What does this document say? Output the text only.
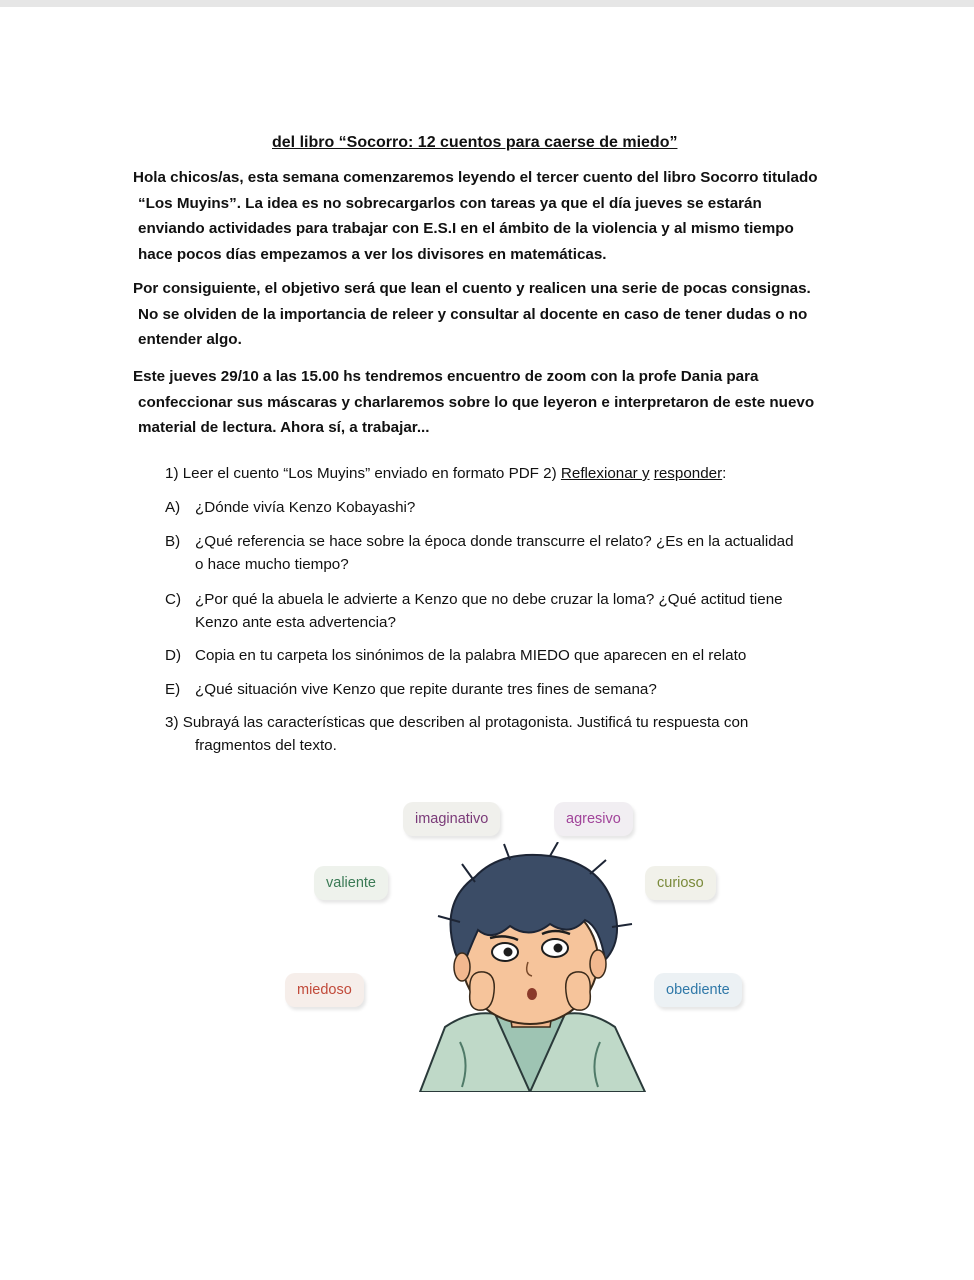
del libro “Socorro: 12 cuentos para caerse de miedo”
Hola chicos/as, esta semana comenzaremos leyendo el tercer cuento del libro Socorro titulado
“Los Muyins”. La idea es no sobrecargarlos con tareas ya que el día jueves se estarán
enviando actividades para trabajar con E.S.I en el ámbito de la violencia y al mismo tiempo
hace pocos días empezamos a ver los divisores en matemáticas.
Por consiguiente, el objetivo será que lean el cuento y realicen una serie de pocas consignas.
No se olviden de la importancia de releer y consultar al docente en caso de tener dudas o no
entender algo.
Este jueves 29/10 a las 15.00 hs tendremos encuentro de zoom con la profe Dania para
confeccionar sus máscaras y charlaremos sobre lo que leyeron e interpretaron de este nuevo
material de lectura. Ahora sí, a trabajar...
1) Leer el cuento “Los Muyins” enviado en formato PDF 2) Reflexionar y responder:
A) ¿Dónde vivía Kenzo Kobayashi?
B) ¿Qué referencia se hace sobre la época donde transcurre el relato? ¿Es en la actualidad
o hace mucho tiempo?
C) ¿Por qué la abuela le advierte a Kenzo que no debe cruzar la loma? ¿Qué actitud tiene
Kenzo ante esta advertencia?
D) Copia en tu carpeta los sinónimos de la palabra MIEDO que aparecen en el relato
E) ¿Qué situación vive Kenzo que repite durante tres fines de semana?
3) Subrayá las características que describen al protagonista. Justificá tu respuesta con
fragmentos del texto.
imaginativo	agresivo
valiente	curioso
miedoso	obediente
